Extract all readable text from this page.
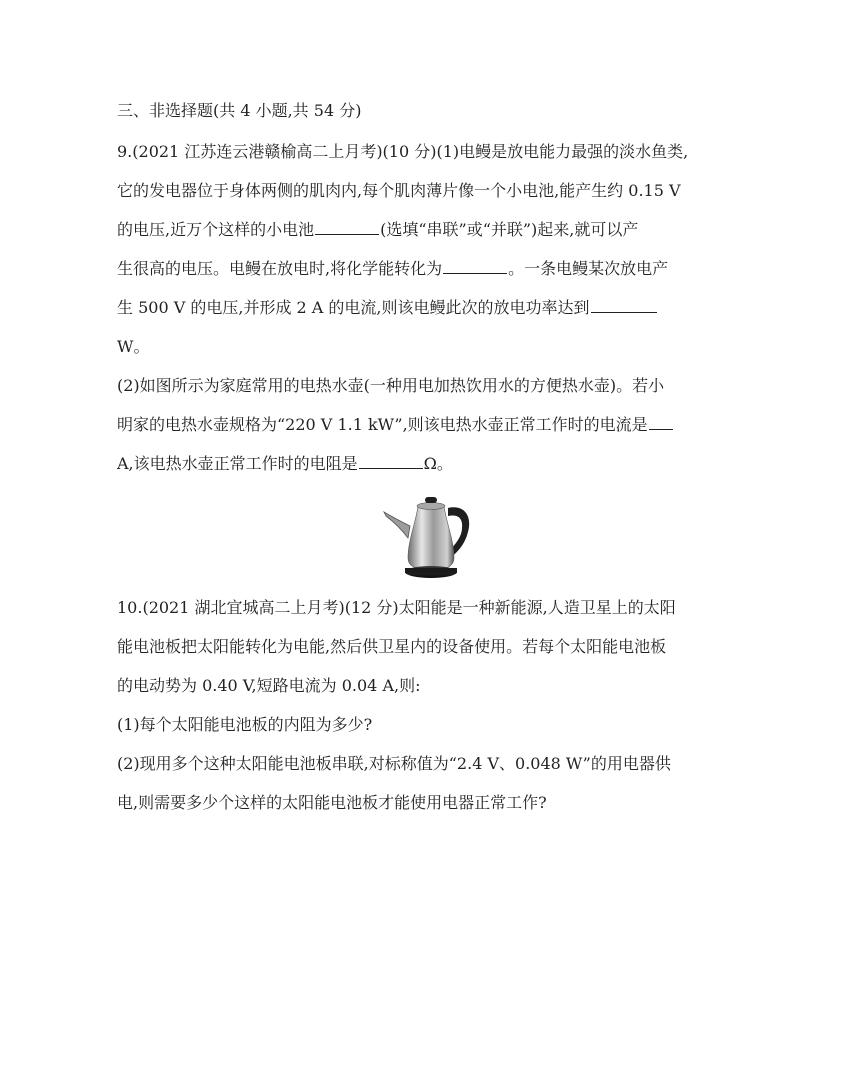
三、非选择题(共 4 小题,共 54 分)
9.(2021 江苏连云港赣榆高二上月考)(10 分)(1)电鳗是放电能力最强的淡水鱼类,
它的发电器位于身体两侧的肌肉内,每个肌肉薄片像一个小电池,能产生约 0.15 V
的电压,近万个这样的小电池	(选填“串联”或“并联”)起来,就可以产
生很高的电压。电鳗在放电时,将化学能转化为	。一条电鳗某次放电产
生 500 V 的电压,并形成 2 A 的电流,则该电鳗此次的放电功率达到
W。
(2)如图所示为家庭常用的电热水壶(一种用电加热饮用水的方便热水壶)。若小
明家的电热水壶规格为“220 V 1.1 kW”,则该电热水壶正常工作时的电流是
A,该电热水壶正常工作时的电阻是	Ω。
10.(2021 湖北宜城高二上月考)(12 分)太阳能是一种新能源,人造卫星上的太阳
能电池板把太阳能转化为电能,然后供卫星内的设备使用。若每个太阳能电池板
的电动势为 0.40 V,短路电流为 0.04 A,则:
(1)每个太阳能电池板的内阻为多少?
(2)现用多个这种太阳能电池板串联,对标称值为“2.4 V、0.048 W”的用电器供
电,则需要多少个这样的太阳能电池板才能使用电器正常工作?
